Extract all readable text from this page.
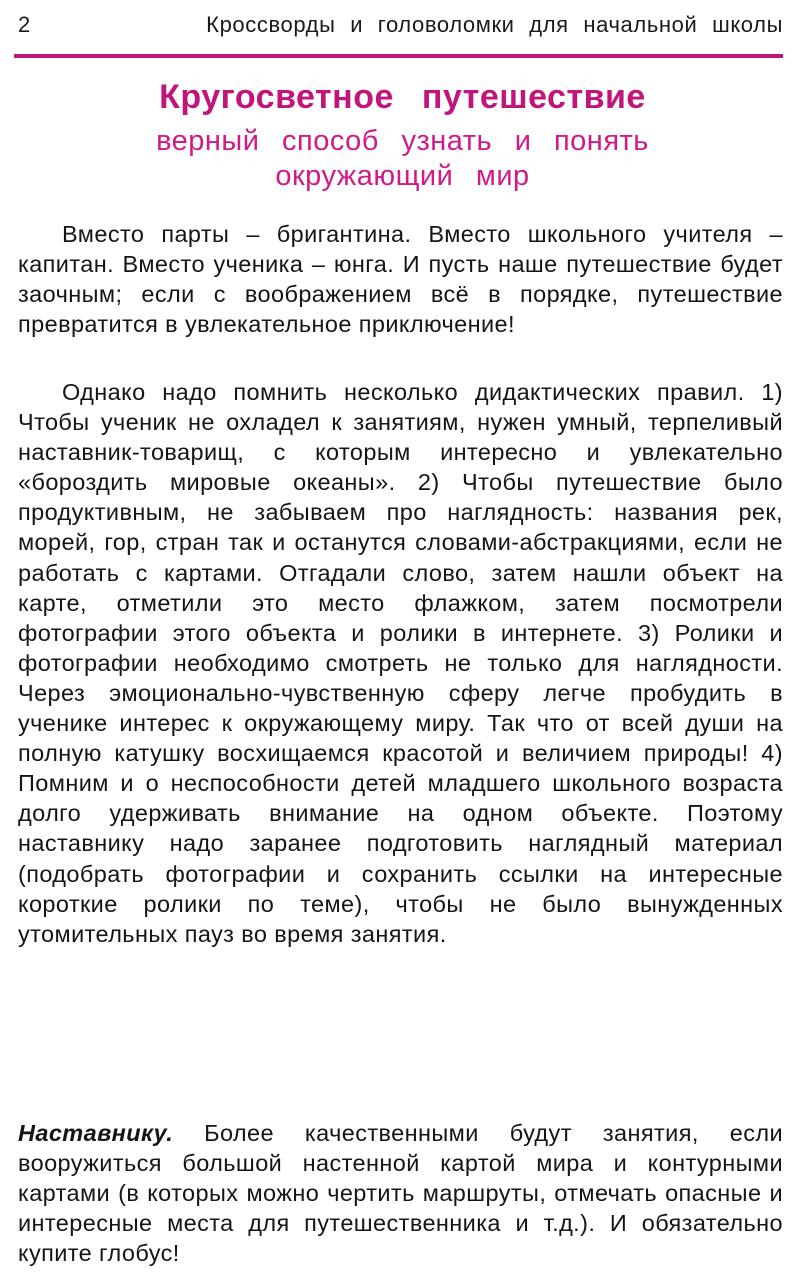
2	Кроссворды и головоломки для начальной школы
Кругосветное путешествие
верный способ узнать и понять
окружающий мир

Вместо парты – бригантина. Вместо школьного учителя – капитан. Вместо ученика – юнга. И пусть наше путешествие будет заочным; если с воображением всё в порядке, путешествие превратится в увлекательное приключение!

Однако надо помнить несколько дидактических правил. 1) Чтобы ученик не охладел к занятиям, нужен умный, терпеливый наставник-товарищ, с которым интересно и увлекательно «бороздить мировые океаны». 2) Чтобы путешествие было продуктивным, не забываем про наглядность: названия рек, морей, гор, стран так и останутся словами-абстракциями, если не работать с картами. Отгадали слово, затем нашли объект на карте, отметили это место флажком, затем посмотрели фотографии этого объекта и ролики в интернете. 3) Ролики и фотографии необходимо смотреть не только для наглядности. Через эмоционально-чувственную сферу легче пробудить в ученике интерес к окружающему миру. Так что от всей души на полную катушку восхищаемся красотой и величием природы! 4) Помним и о неспособности детей младшего школьного возраста долго удерживать внимание на одном объекте. Поэтому наставнику надо заранее подготовить наглядный материал (подобрать фотографии и сохранить ссылки на интересные короткие ролики по теме), чтобы не было вынужденных утомительных пауз во время занятия.

Наставнику. Более качественными будут занятия, если вооружиться большой настенной картой мира и контурными картами (в которых можно чертить маршруты, отмечать опасные и интересные места для путешественника и т.д.). И обязательно купите глобус!
